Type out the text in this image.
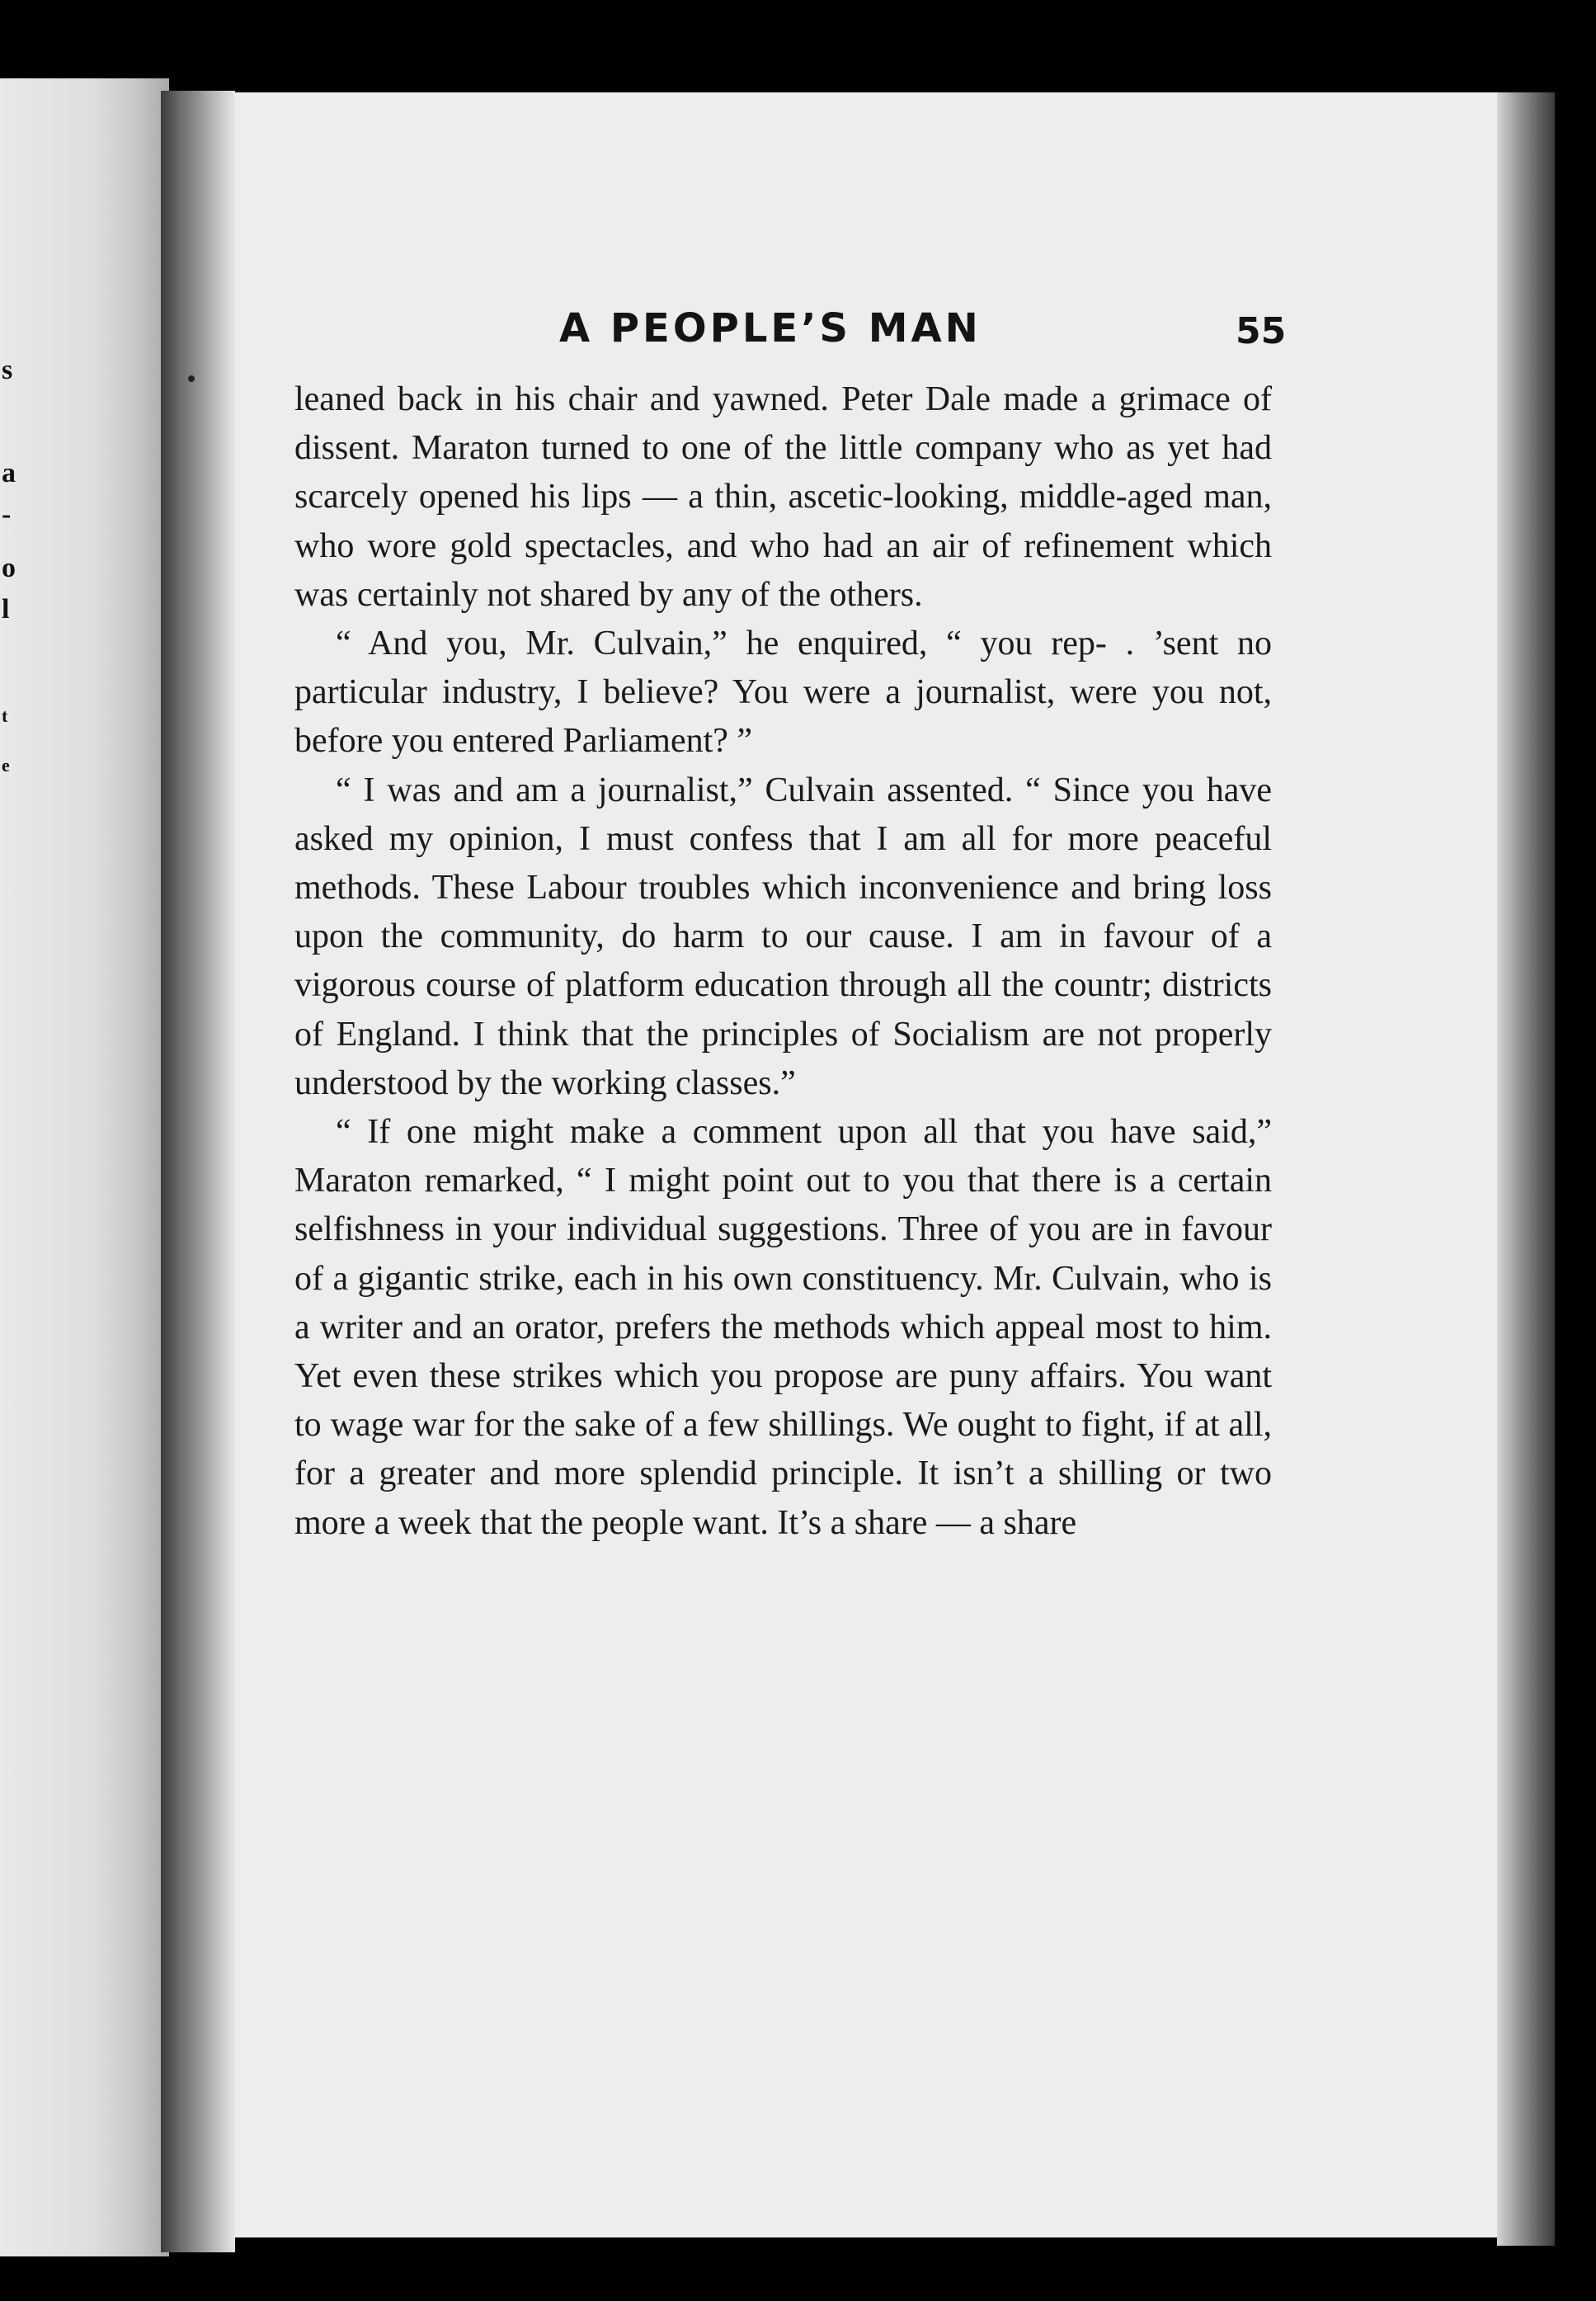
s
a
-
o
l
t
e
A PEOPLE’S MAN	55

leaned back in his chair and yawned. Peter Dale made a grimace of dissent. Maraton turned to one of the little company who as yet had scarcely opened his lips — a thin, ascetic-looking, middle-aged man, who wore gold spectacles, and who had an air of refinement which was certainly not shared by any of the others.

“ And you, Mr. Culvain,” he enquired, “ you rep- . ’sent no particular industry, I believe? You were a journalist, were you not, before you entered Parliament? ”

“ I was and am a journalist,” Culvain assented. “ Since you have asked my opinion, I must confess that I am all for more peaceful methods. These Labour troubles which inconvenience and bring loss upon the community, do harm to our cause. I am in favour of a vigorous course of platform education through all the countr; districts of England. I think that the principles of Socialism are not properly understood by the working classes.”

“ If one might make a comment upon all that you have said,” Maraton remarked, “ I might point out to you that there is a certain selfishness in your individual suggestions. Three of you are in favour of a gigantic strike, each in his own constituency. Mr. Culvain, who is a writer and an orator, prefers the methods which appeal most to him. Yet even these strikes which you propose are puny affairs. You want to wage war for the sake of a few shillings. We ought to fight, if at all, for a greater and more splendid principle. It isn’t a shilling or two more a week that the people want. It’s a share — a share
